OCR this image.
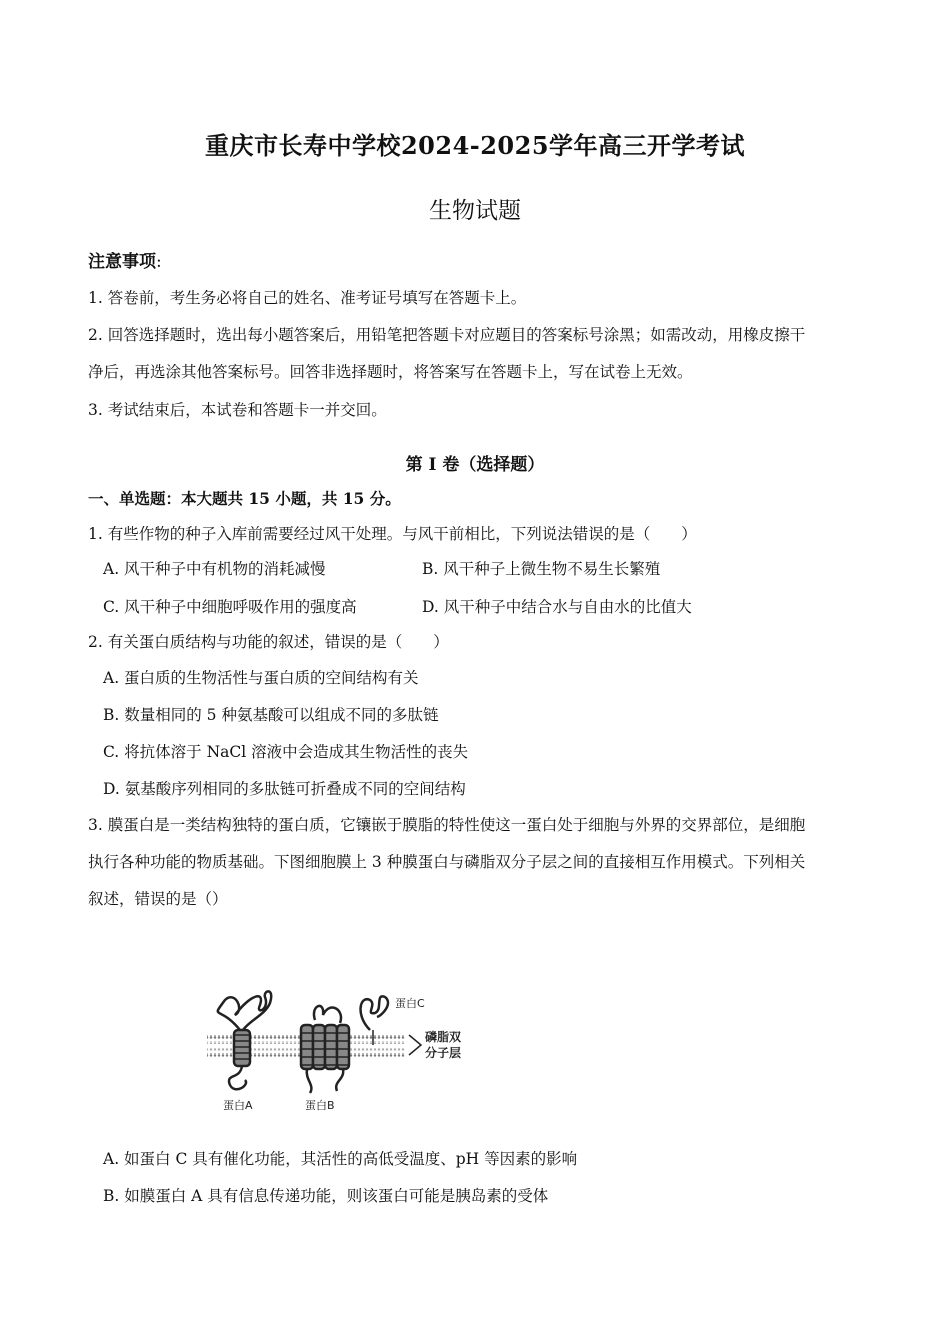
重庆市长寿中学校2024-2025学年高三开学考试
生物试题
注意事项:
1. 答卷前，考生务必将自己的姓名、准考证号填写在答题卡上。
2. 回答选择题时，选出每小题答案后，用铅笔把答题卡对应题目的答案标号涂黑；如需改动，用橡皮擦干
净后，再选涂其他答案标号。回答非选择题时，将答案写在答题卡上，写在试卷上无效。
3. 考试结束后，本试卷和答题卡一并交回。
第 I 卷（选择题）
一、单选题：本大题共 15 小题，共 15 分。
1. 有些作物的种子入库前需要经过风干处理。与风干前相比，下列说法错误的是（　　）
A. 风干种子中有机物的消耗减慢	B. 风干种子上微生物不易生长繁殖
C. 风干种子中细胞呼吸作用的强度高	D. 风干种子中结合水与自由水的比值大
2. 有关蛋白质结构与功能的叙述，错误的是（　　）
A. 蛋白质的生物活性与蛋白质的空间结构有关
B. 数量相同的 5 种氨基酸可以组成不同的多肽链
C. 将抗体溶于 NaCl 溶液中会造成其生物活性的丧失
D. 氨基酸序列相同的多肽链可折叠成不同的空间结构
3. 膜蛋白是一类结构独特的蛋白质，它镶嵌于膜脂的特性使这一蛋白处于细胞与外界的交界部位，是细胞
执行各种功能的物质基础。下图细胞膜上 3 种膜蛋白与磷脂双分子层之间的直接相互作用模式。下列相关
叙述，错误的是（）
蛋白C
磷脂双
分子层
蛋白A	蛋白B
A. 如蛋白 C 具有催化功能，其活性的高低受温度、pH 等因素的影响
B. 如膜蛋白 A 具有信息传递功能，则该蛋白可能是胰岛素的受体
